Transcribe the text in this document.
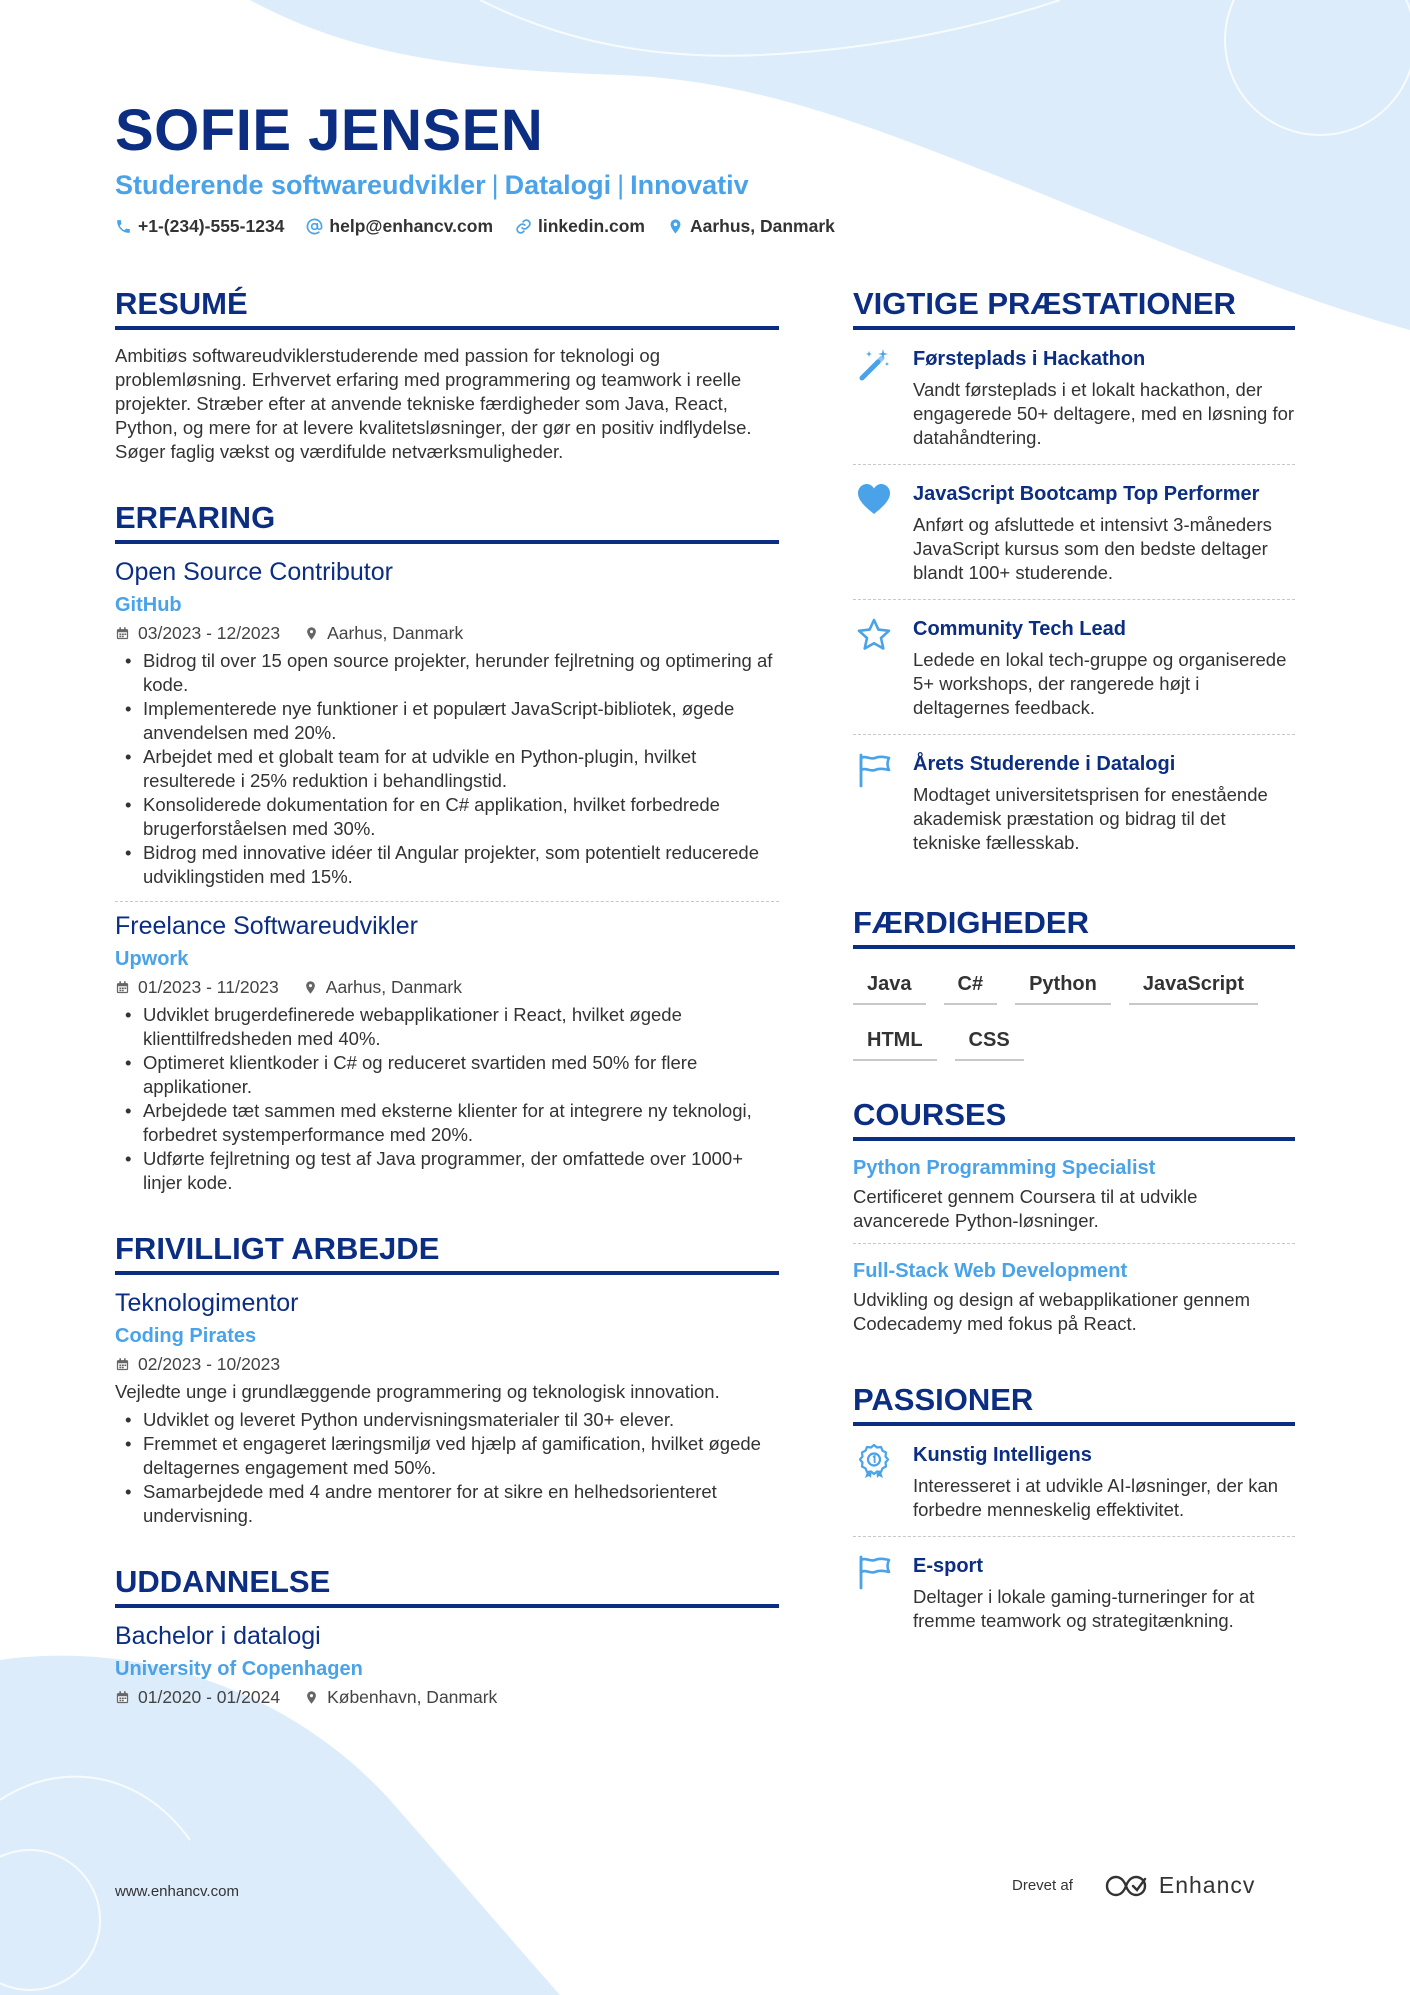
SOFIE JENSEN
Studerende softwareudvikler | Datalogi | Innovativ
+1-(234)-555-1234	help@enhancv.com	linkedin.com	Aarhus, Danmark
RESUMÉ
Ambitiøs softwareudviklerstuderende med passion for teknologi og problemløsning. Erhvervet erfaring med programmering og teamwork i reelle projekter. Stræber efter at anvende tekniske færdigheder som Java, React, Python, og mere for at levere kvalitetsløsninger, der gør en positiv indflydelse. Søger faglig vækst og værdifulde netværksmuligheder.
ERFARING
Open Source Contributor
GitHub
03/2023 - 12/2023	Aarhus, Danmark
• Bidrog til over 15 open source projekter, herunder fejlretning og optimering af kode.
• Implementerede nye funktioner i et populært JavaScript-bibliotek, øgede anvendelsen med 20%.
• Arbejdet med et globalt team for at udvikle en Python-plugin, hvilket resulterede i 25% reduktion i behandlingstid.
• Konsoliderede dokumentation for en C# applikation, hvilket forbedrede brugerforståelsen med 30%.
• Bidrog med innovative idéer til Angular projekter, som potentielt reducerede udviklingstiden med 15%.
Freelance Softwareudvikler
Upwork
01/2023 - 11/2023	Aarhus, Danmark
• Udviklet brugerdefinerede webapplikationer i React, hvilket øgede klienttilfredsheden med 40%.
• Optimeret klientkoder i C# og reduceret svartiden med 50% for flere applikationer.
• Arbejdede tæt sammen med eksterne klienter for at integrere ny teknologi, forbedret systemperformance med 20%.
• Udførte fejlretning og test af Java programmer, der omfattede over 1000+ linjer kode.
FRIVILLIGT ARBEJDE
Teknologimentor
Coding Pirates
02/2023 - 10/2023
Vejledte unge i grundlæggende programmering og teknologisk innovation.
• Udviklet og leveret Python undervisningsmaterialer til 30+ elever.
• Fremmet et engageret læringsmiljø ved hjælp af gamification, hvilket øgede deltagernes engagement med 50%.
• Samarbejdede med 4 andre mentorer for at sikre en helhedsorienteret undervisning.
UDDANNELSE
Bachelor i datalogi
University of Copenhagen
01/2020 - 01/2024	København, Danmark
VIGTIGE PRÆSTATIONER
Førsteplads i Hackathon
Vandt førsteplads i et lokalt hackathon, der engagerede 50+ deltagere, med en løsning for datahåndtering.
JavaScript Bootcamp Top Performer
Anført og afsluttede et intensivt 3-måneders JavaScript kursus som den bedste deltager blandt 100+ studerende.
Community Tech Lead
Ledede en lokal tech-gruppe og organiserede 5+ workshops, der rangerede højt i deltagernes feedback.
Årets Studerende i Datalogi
Modtaget universitetsprisen for enestående akademisk præstation og bidrag til det tekniske fællesskab.
FÆRDIGHEDER
Java	C#	Python	JavaScript
HTML	CSS
COURSES
Python Programming Specialist
Certificeret gennem Coursera til at udvikle avancerede Python-løsninger.
Full-Stack Web Development
Udvikling og design af webapplikationer gennem Codecademy med fokus på React.
PASSIONER
Kunstig Intelligens
Interesseret i at udvikle AI-løsninger, der kan forbedre menneskelig effektivitet.
E-sport
Deltager i lokale gaming-turneringer for at fremme teamwork og strategitænkning.
www.enhancv.com	Drevet af	Enhancv
